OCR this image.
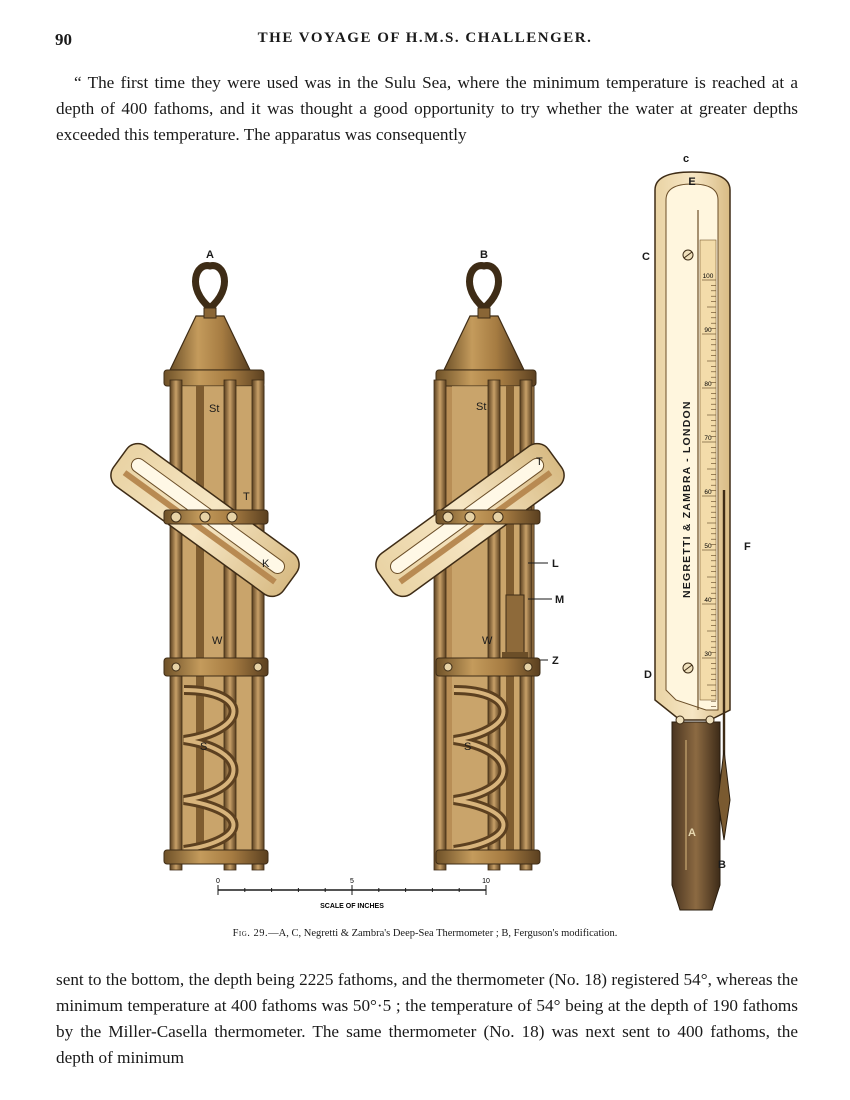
90	THE VOYAGE OF H.M.S. CHALLENGER.

“ The first time they were used was in the Sulu Sea, where the minimum temperature is reached at a depth of 400 fathoms, and it was thought a good opportunity to try whether the water at greater depths exceeded this temperature. The apparatus was consequently

100
90
80
70
60
50
40
30
A	B
c
C
E
D
F
B
A
L
M
Z
St	St
T
T
W	W
S	S
K	NEGRETTI & ZAMBRA - LONDON
0	5	10
SCALE OF INCHES
Fig. 29.—A, C, Negretti & Zambra's Deep-Sea Thermometer ; B, Ferguson's modification.

sent to the bottom, the depth being 2225 fathoms, and the thermometer (No. 18) registered 54°, whereas the minimum temperature at 400 fathoms was 50°·5 ; the temperature of 54° being at the depth of 190 fathoms by the Miller-Casella thermometer. The same thermometer (No. 18) was next sent to 400 fathoms, the depth of minimum
